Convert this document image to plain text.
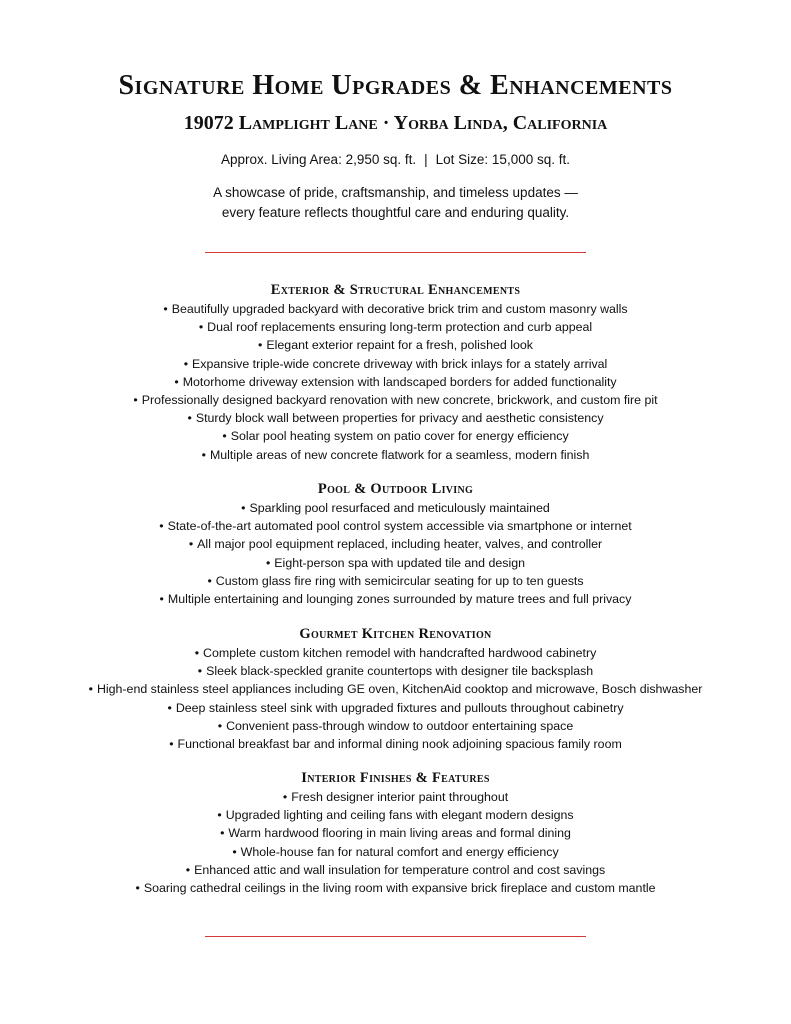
Signature Home Upgrades & Enhancements
19072 Lamplight Lane · Yorba Linda, California
Approx. Living Area: 2,950 sq. ft. | Lot Size: 15,000 sq. ft.
A showcase of pride, craftsmanship, and timeless updates —
every feature reflects thoughtful care and enduring quality.
Exterior & Structural Enhancements
• Beautifully upgraded backyard with decorative brick trim and custom masonry walls
• Dual roof replacements ensuring long-term protection and curb appeal
• Elegant exterior repaint for a fresh, polished look
• Expansive triple-wide concrete driveway with brick inlays for a stately arrival
• Motorhome driveway extension with landscaped borders for added functionality
• Professionally designed backyard renovation with new concrete, brickwork, and custom fire pit
• Sturdy block wall between properties for privacy and aesthetic consistency
• Solar pool heating system on patio cover for energy efficiency
• Multiple areas of new concrete flatwork for a seamless, modern finish
Pool & Outdoor Living
• Sparkling pool resurfaced and meticulously maintained
• State-of-the-art automated pool control system accessible via smartphone or internet
• All major pool equipment replaced, including heater, valves, and controller
• Eight-person spa with updated tile and design
• Custom glass fire ring with semicircular seating for up to ten guests
• Multiple entertaining and lounging zones surrounded by mature trees and full privacy
Gourmet Kitchen Renovation
• Complete custom kitchen remodel with handcrafted hardwood cabinetry
• Sleek black-speckled granite countertops with designer tile backsplash
• High-end stainless steel appliances including GE oven, KitchenAid cooktop and microwave, Bosch dishwasher
• Deep stainless steel sink with upgraded fixtures and pullouts throughout cabinetry
• Convenient pass-through window to outdoor entertaining space
• Functional breakfast bar and informal dining nook adjoining spacious family room
Interior Finishes & Features
• Fresh designer interior paint throughout
• Upgraded lighting and ceiling fans with elegant modern designs
• Warm hardwood flooring in main living areas and formal dining
• Whole-house fan for natural comfort and energy efficiency
• Enhanced attic and wall insulation for temperature control and cost savings
• Soaring cathedral ceilings in the living room with expansive brick fireplace and custom mantle
